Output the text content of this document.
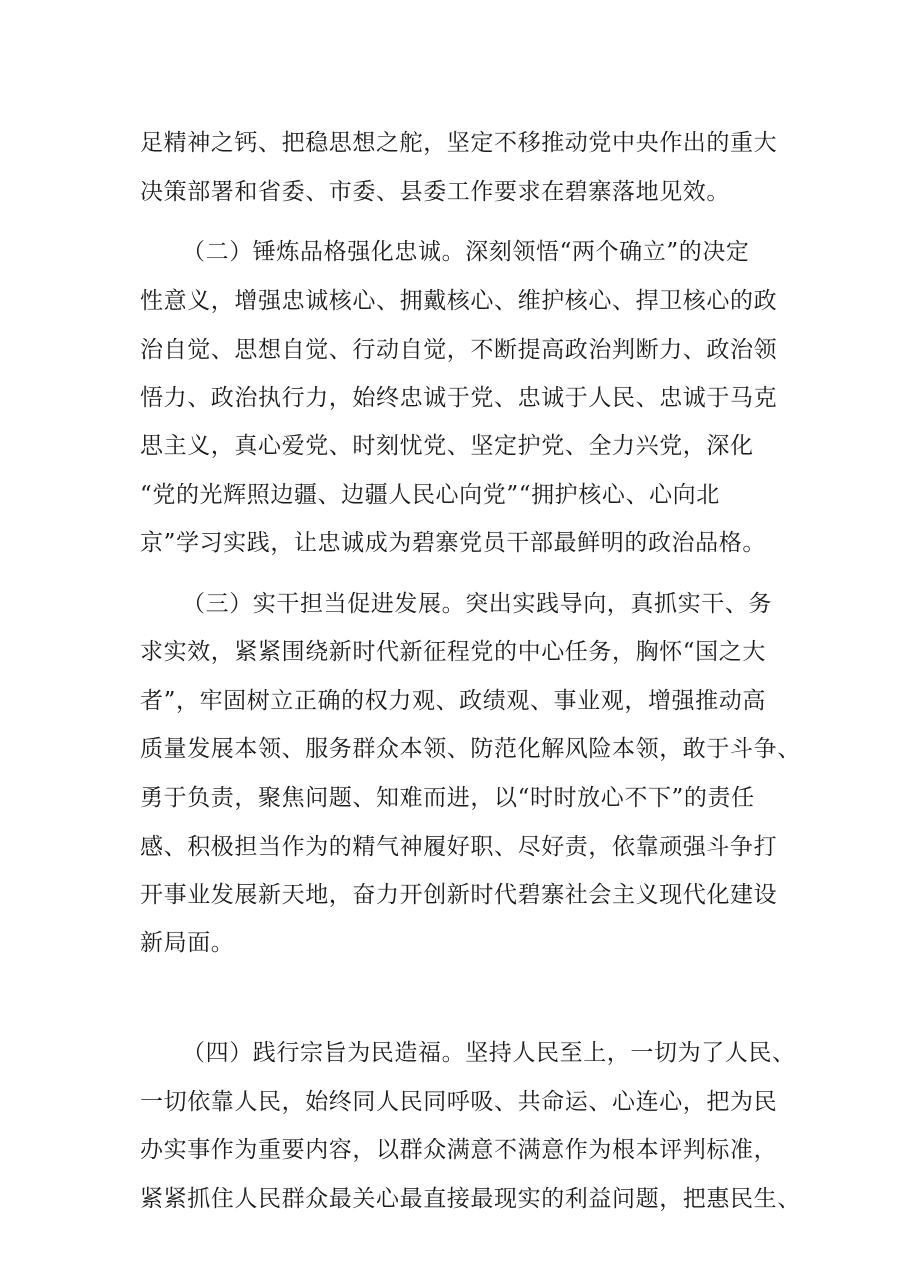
足精神之钙、把稳思想之舵，坚定不移推动党中央作出的重大
决策部署和省委、市委、县委工作要求在碧寨落地见效。
（二）锤炼品格强化忠诚。深刻领悟“两个确立”的决定
性意义，增强忠诚核心、拥戴核心、维护核心、捍卫核心的政
治自觉、思想自觉、行动自觉，不断提高政治判断力、政治领
悟力、政治执行力，始终忠诚于党、忠诚于人民、忠诚于马克
思主义，真心爱党、时刻忧党、坚定护党、全力兴党，深化
“党的光辉照边疆、边疆人民心向党”“拥护核心、心向北
京”学习实践，让忠诚成为碧寨党员干部最鲜明的政治品格。
（三）实干担当促进发展。突出实践导向，真抓实干、务
求实效，紧紧围绕新时代新征程党的中心任务，胸怀“国之大
者”，牢固树立正确的权力观、政绩观、事业观，增强推动高
质量发展本领、服务群众本领、防范化解风险本领，敢于斗争、
勇于负责，聚焦问题、知难而进，以“时时放心不下”的责任
感、积极担当作为的精气神履好职、尽好责，依靠顽强斗争打
开事业发展新天地，奋力开创新时代碧寨社会主义现代化建设
新局面。
（四）践行宗旨为民造福。坚持人民至上，一切为了人民、
一切依靠人民，始终同人民同呼吸、共命运、心连心，把为民
办实事作为重要内容，以群众满意不满意作为根本评判标准，
紧紧抓住人民群众最关心最直接最现实的利益问题，把惠民生、
